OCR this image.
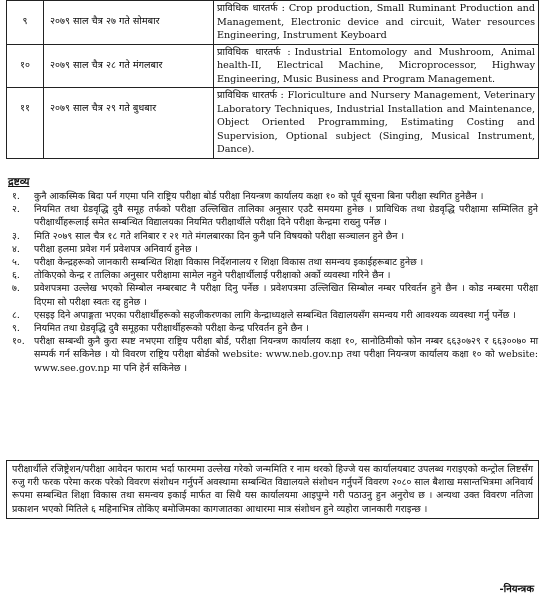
९	२०७९ साल चैत्र २७ गते सोमबार	प्राविधिक धारतर्फ : Crop production, Small Ruminant Production and Management, Electronic device and circuit, Water resources Engineering, Instrument Keyboard
१०	२०७९ साल चैत्र २८ गते मंगलबार	प्राविधिक धारतर्फ : Industrial Entomology and Mushroom, Animal health-II, Electrical Machine, Microprocessor, Highway Engineering, Music Business and Program Management.
११	२०७९ साल चैत्र २९ गते बुधबार	प्राविधिक धारतर्फ : Floriculture and Nursery Management, Veterinary Laboratory Techniques, Industrial Installation and Maintenance, Object Oriented Programming, Estimating Costing and Supervision, Optional subject (Singing, Musical Instrument, Dance).
द्रष्टव्य
१. कुनै आकस्मिक बिदा पर्न गएमा पनि राष्ट्रिय परीक्षा बोर्ड परीक्षा नियन्त्रण कार्यालय कक्षा १० को पूर्व सूचना बिना परीक्षा स्थगित हुनेछैन ।
२. नियमित तथा ग्रेडवृद्धि दुवै समूह तर्फको परीक्षा उल्लिखित तालिका अनुसार एउटै समयमा हुनेछ । प्राविधिक तथा ग्रेडवृद्धि परीक्षामा सम्मिलित हुने परीक्षार्थीहरूलाई समेत सम्बन्धित विद्यालयका नियमित परीक्षार्थीले परीक्षा दिने परीक्षा केन्द्रमा राख्नु पर्नेछ ।
३. मिति २०७९ साल चैत्र १८ गते शनिबार र २१ गते मंगलबारका दिन कुनै पनि विषयको परीक्षा सञ्चालन हुने छैन ।
४. परीक्षा हलमा प्रवेश गर्न प्रवेशपत्र अनिवार्य हुनेछ ।
५. परीक्षा केन्द्रहरूको जानकारी सम्बन्धित शिक्षा विकास निर्देशनालय र शिक्षा विकास तथा समन्वय इकाईहरूबाट हुनेछ ।
६. तोकिएको केन्द्र र तालिका अनुसार परीक्षामा सामेल नहुने परीक्षार्थीलाई परीक्षाको अर्को व्यवस्था गरिने छैन ।
७. प्रवेशपत्रमा उल्लेख भएको सिम्बोल नम्बरबाट नै परीक्षा दिनु पर्नेछ । प्रवेशपत्रमा उल्लिखित सिम्बोल नम्बर परिवर्तन हुने छैन । कोड नम्बरमा परीक्षा दिएमा सो परीक्षा स्वतः रद्द हुनेछ ।
८. एसइइ दिने अपाङ्गता भएका परीक्षार्थीहरूको सहजीकरणका लागि केन्द्राध्यक्षले सम्बन्धित विद्यालयसँग समन्वय गरी आवश्यक व्यवस्था गर्नु पर्नेछ ।
९. नियमित तथा ग्रेडवृद्धि दुवै समूहका परीक्षार्थीहरूको परीक्षा केन्द्र परिवर्तन हुने छैन ।
१०. परीक्षा सम्बन्धी कुनै कुरा स्पष्ट नभएमा राष्ट्रिय परीक्षा बोर्ड, परीक्षा नियन्त्रण कार्यालय कक्षा १०, सानोठिमीको फोन नम्बर ६६३०७२९ र ६६३००७० मा सम्पर्क गर्न सकिनेछ । यो विवरण राष्ट्रिय परीक्षा बोर्डको website: www.neb.gov.np तथा परीक्षा नियन्त्रण कार्यालय कक्षा १० को website: www.see.gov.np मा पनि हेर्न सकिनेछ ।
परीक्षार्थीले रजिष्ट्रेशन/परीक्षा आवेदन फाराम भर्दा फारममा उल्लेख गरेको जन्ममिति र नाम थरको हिज्जे यस कार्यालयबाट उपलब्ध गराइएको कन्ट्रोल लिष्टसँग रुजु गरी फरक परेमा करक परेको विवरण संशोधन गर्नुपर्ने अवस्थामा सम्बन्धित विद्यालयले संशोधन गर्नुपर्ने विवरण २०८० साल बैशाख मसान्तभित्रमा अनिवार्य रूपमा सम्बन्धित शिक्षा विकास तथा समन्वय इकाई मार्फत वा सिधै यस कार्यालयमा आइपुग्ने गरी पठाउनु हुन अनुरोध छ । अन्यथा उक्त विवरण नतिजा प्रकाशन भएको मितिले ६ महिनाभित्र तोकिए बमोजिमका कागजातका आधारमा मात्र संशोधन हुने व्यहोरा जानकारी गराइन्छ ।
-नियन्त्रक
